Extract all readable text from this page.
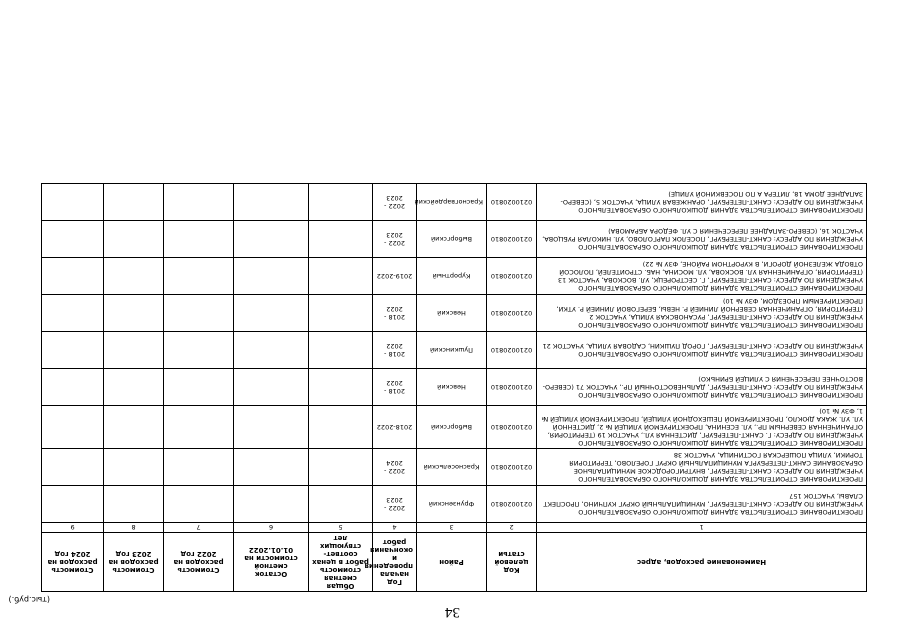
34
(тыс.руб.)
Наименование расходов, адрес	Код целевой статьи	Район	Год начала проведения и окончания работ	Общая сметная стоимость работ в ценах соответ- ствующих лет	Остаток сметной стоимости на 01.01.2022	Стоимость расходов на 2022 год	Стоимость расходов на 2023 год	Стоимость расходов на 2024 год
1	2	3	4	5	6	7	8	9
ПРОЕКТИРОВАНИЕ СТРОИТЕЛЬСТВА ЗДАНИЯ ДОШКОЛЬНОГО ОБРАЗОВАТЕЛЬНОГО УЧРЕЖДЕНИЯ ПО АДРЕСУ: САНКТ-ПЕТЕРБУРГ, МУНИЦИПАЛЬНЫЙ ОКРУГ КУПЧИНО, ПРОСПЕКТ СЛАВЫ, УЧАСТОК 157	0210020810	Фрунзенский	2022 - 2023					
ПРОЕКТИРОВАНИЕ СТРОИТЕЛЬСТВА ЗДАНИЯ ДОШКОЛЬНОГО ОБРАЗОВАТЕЛЬНОГО УЧРЕЖДЕНИЯ ПО АДРЕСУ: САНКТ-ПЕТЕРБУРГ, ВНУТРИГОРОДСКОЕ МУНИЦИПАЛЬНОЕ ОБРАЗОВАНИЕ САНКТ-ПЕТЕРБУРГА МУНИЦИПАЛЬНЫЙ ОКРУГ ГОРЕЛОВО, ТЕРРИТОРИЯ ТОРИКИ, УЛИЦА ПОШЕРСКАЯ ГОСТИНИЦА, УЧАСТОК 38	0210020810	Красносельский	2022 - 2024					
ПРОЕКТИРОВАНИЕ СТРОИТЕЛЬСТВА ЗДАНИЯ ДОШКОЛЬНОГО ОБРАЗОВАТЕЛЬНОГО УЧРЕЖДЕНИЯ ПО АДРЕСУ: Г. САНКТ-ПЕТЕРБУРГ, ДИСТЕННАЯ УЛ., УЧАСТОК 19 (ТЕРРИТОРИЯ, ОГРАНИЧЕННАЯ СЕВЕРНЫМ ПР., УЛ. ЕСЕНИНА, ПРОЕКТИРУЕМОЙ УЛИЦЕЙ № 2, ДИСТЕННОЙ УЛ. УЛ. ЖАКА ДЮКЛО, ПРОЕКТИРУЕМОЙ ПЕШЕХОДНОЙ УЛИЦЕЙ, ПРОЕКТИРУЕМОЙ УЛИЦЕЙ № 1, ФЗУ № 10)	0210020810	Выборгский	2018-2022					
ПРОЕКТИРОВАНИЕ СТРОИТЕЛЬСТВА ЗДАНИЯ ДОШКОЛЬНОГО ОБРАЗОВАТЕЛЬНОГО УЧРЕЖДЕНИЯ ПО АДРЕСУ: САНКТ-ПЕТЕРБУРГ, ДАЛЬНЕВОСТОЧНЫЙ ПР., УЧАСТОК 71 (СЕВЕРО-ВОСТОЧНЕЕ ПЕРЕСЕЧЕНИЯ С УЛИЦЕЙ БРИНЬКО)	0210020810	Невский	2018 - 2022					
ПРОЕКТИРОВАНИЕ СТРОИТЕЛЬСТВА ЗДАНИЯ ДОШКОЛЬНОГО ОБРАЗОВАТЕЛЬНОГО УЧРЕЖДЕНИЯ ПО АДРЕСУ: САНКТ-ПЕТЕРБУРГ, ГОРОД ПУШКИН, САДОВАЯ УЛИЦА, УЧАСТОК 21	0210020810	Пушкинский	2018 - 2022					
ПРОЕКТИРОВАНИЕ СТРОИТЕЛЬСТВА ЗДАНИЯ ДОШКОЛЬНОГО ОБРАЗОВАТЕЛЬНОГО УЧРЕЖДЕНИЯ ПО АДРЕСУ: САНКТ-ПЕТЕРБУРГ, РУСАНОВСКАЯ УЛИЦА, УЧАСТОК 2 (ТЕРРИТОРИЯ, ОГРАНИЧЕННАЯ СЕВЕРНОЙ ЛИНИЕЙ Р. НЕВЫ, БЕРЕГОВОЙ ЛИНИЕЙ Р. УТКИ, ПРОЕКТИРУЕМЫМ ПРОЕЗДОМ, ФЗУ № 10)	0210020810	Невский	2018 - 2022					
ПРОЕКТИРОВАНИЕ СТРОИТЕЛЬСТВА ЗДАНИЯ ДОШКОЛЬНОГО ОБРАЗОВАТЕЛЬНОГО УЧРЕЖДЕНИЯ ПО АДРЕСУ: САНКТ-ПЕТЕРБУРГ, Г. СЕСТРОРЕЦК, УЛ. ВОСКОВА, УЧАСТОК 13 (ТЕРРИТОРИЯ, ОГРАНИЧЕННАЯ УЛ. ВОСКОВА, УЛ. МОСИНА, НАБ. СТРОИТЕЛЕЙ, ПОЛОСОЙ ОТВОДА ЖЕЛЕЗНОЙ ДОРОГИ, В КУРОРТНОМ РАЙОНЕ, ФЗУ № 22)	0210020810	Курортный	2019-2022					
ПРОЕКТИРОВАНИЕ СТРОИТЕЛЬСТВА ЗДАНИЯ ДОШКОЛЬНОГО ОБРАЗОВАТЕЛЬНОГО УЧРЕЖДЕНИЯ ПО АДРЕСУ: САНКТ-ПЕТЕРБУРГ, ПОСЕЛОК ПАРГОЛОВО, УЛ. НИКОЛАЯ РУБЦОВА, УЧАСТОК 16, (СЕВЕРО-ЗАПАДНЕЕ ПЕРЕСЕЧЕНИЯ С УЛ. ФЕДОРА АБРАМОВА)	0210020810	Выборгский	2022 - 2023					
ПРОЕКТИРОВАНИЕ СТРОИТЕЛЬСТВА ЗДАНИЯ ДОШКОЛЬНОГО ОБРАЗОВАТЕЛЬНОГО УЧРЕЖДЕНИЯ ПО АДРЕСУ: САНКТ-ПЕТЕРБУРГ, ОРАНЖЕВАЯ УЛИЦА, УЧАСТОК 5, (СЕВЕРО-ЗАПАДНЕЕ ДОМА 18, ЛИТЕРА А ПО ПОСЕВКИНОЙ УЛИЦЕ)	0210020810	Красногвардейский	2022 - 2023					
